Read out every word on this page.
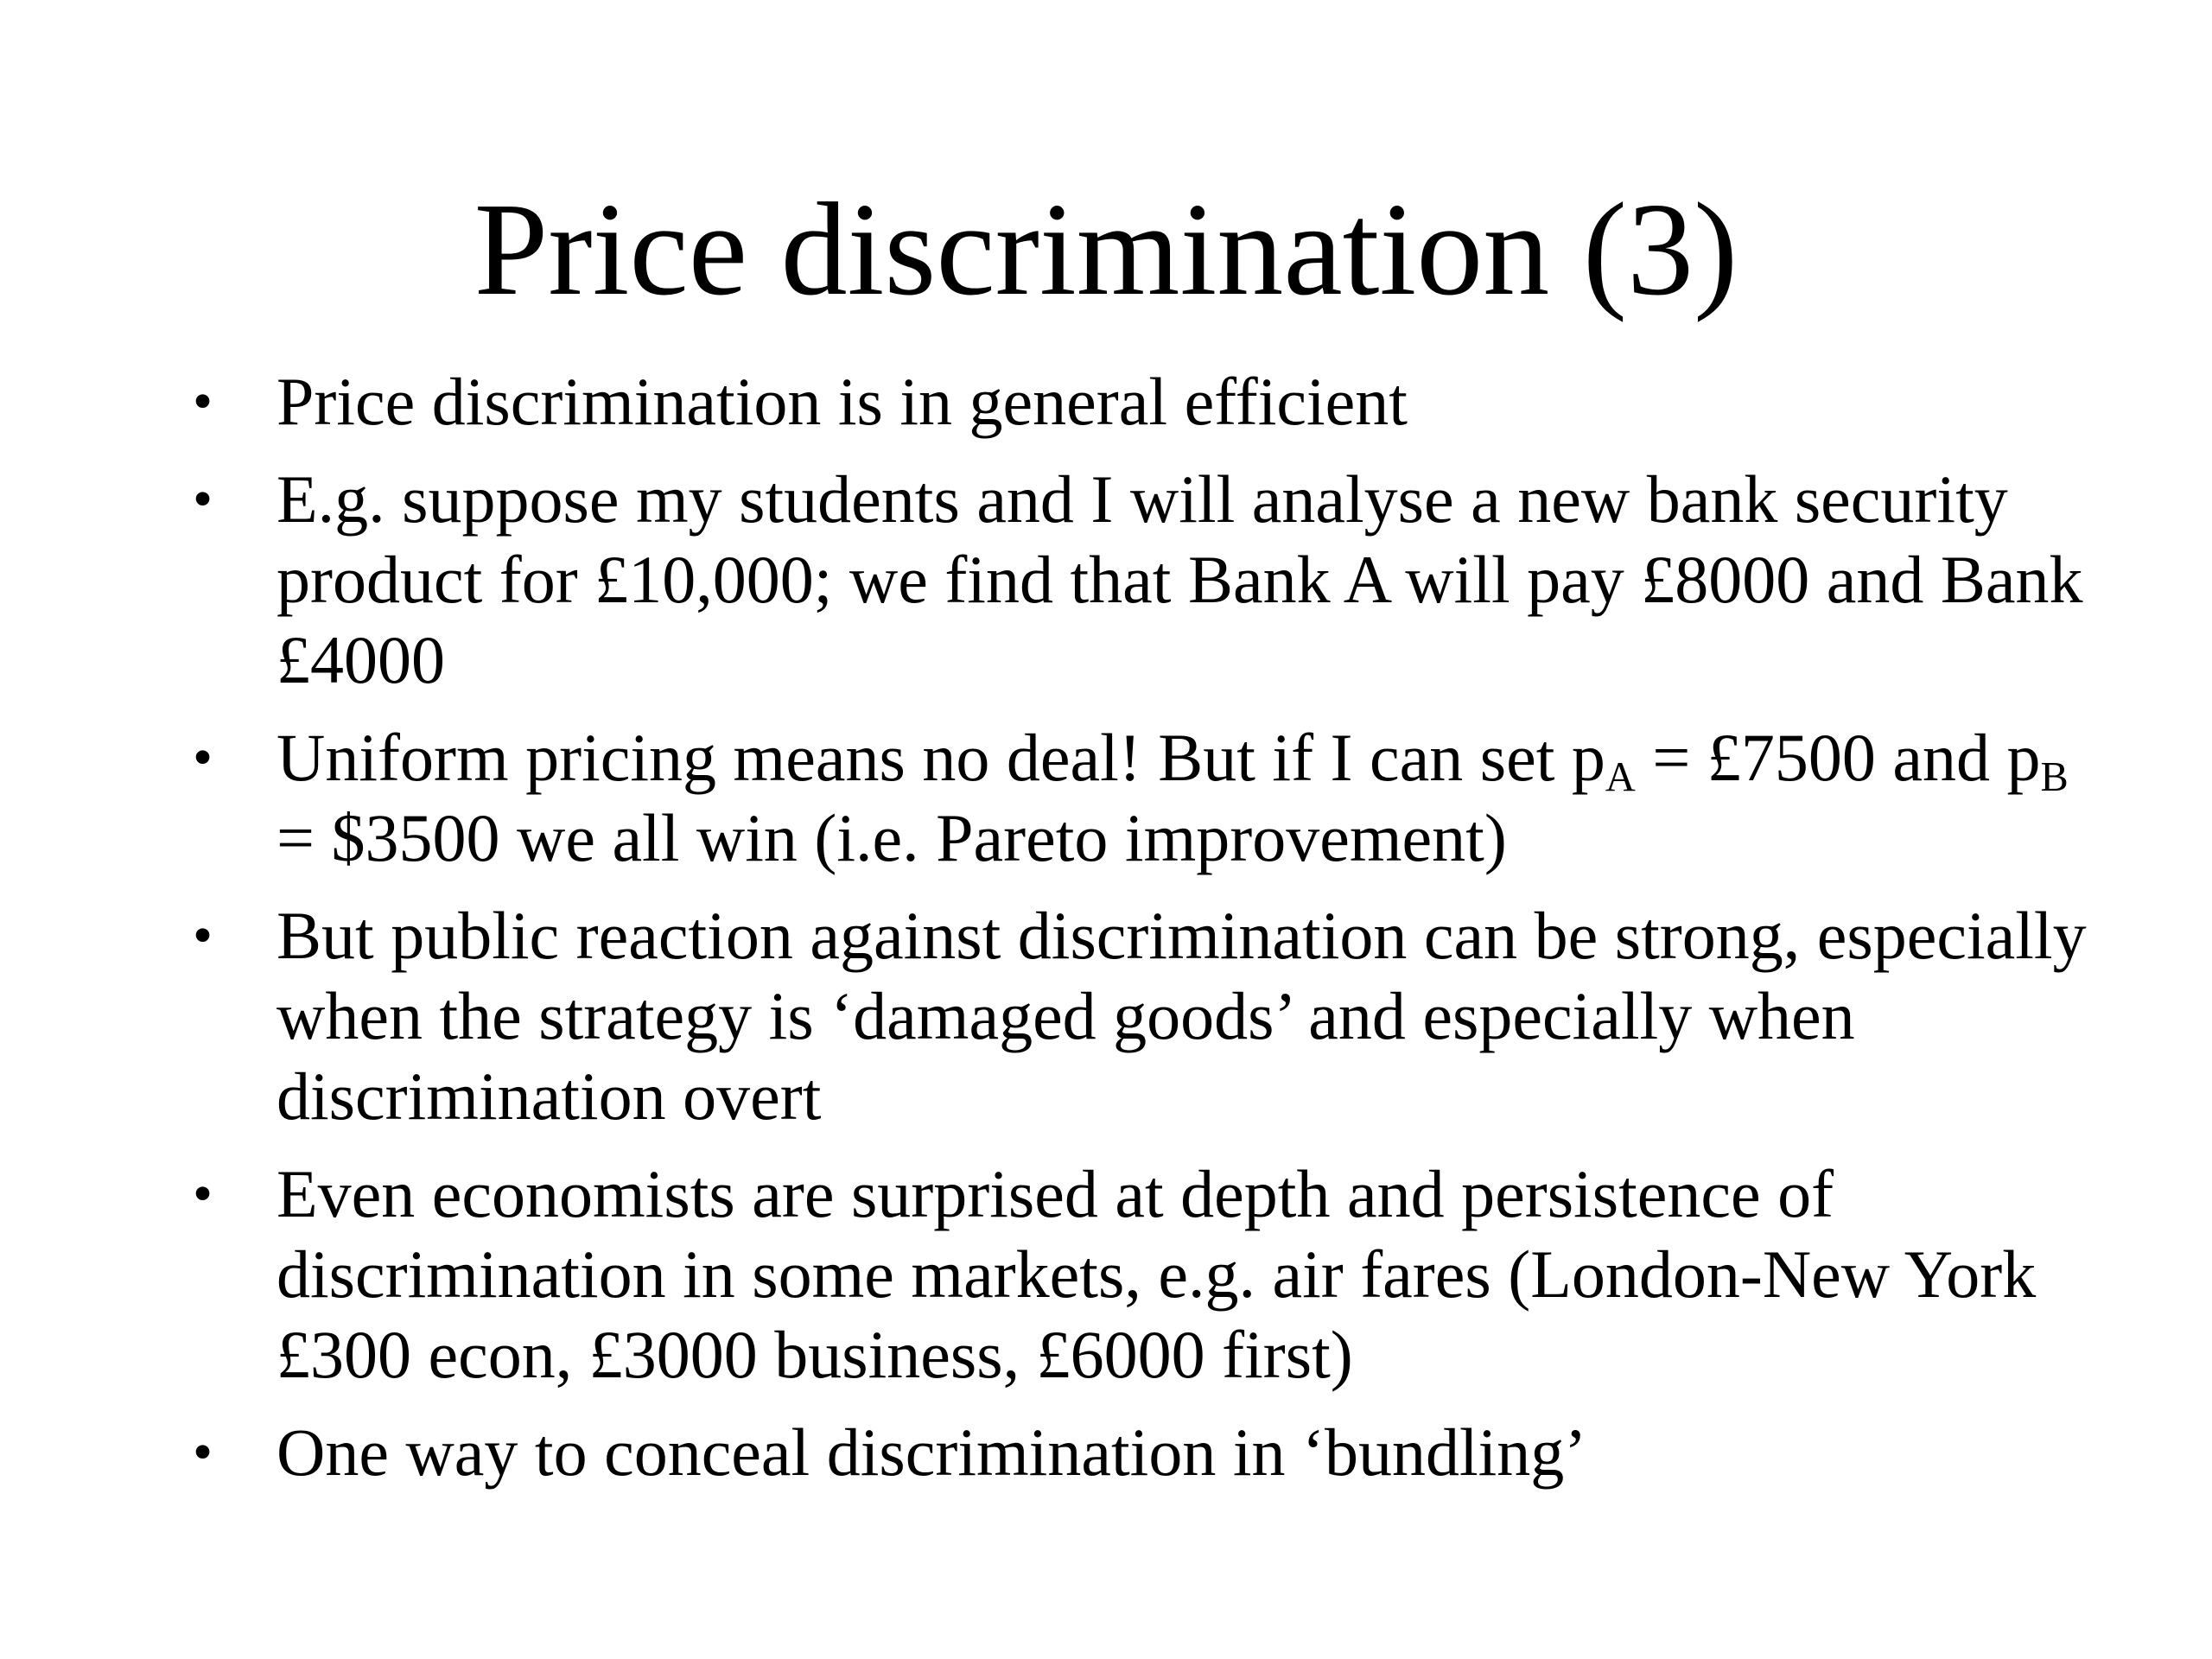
Price discrimination (3)
• Price discrimination is in general efficient
• E.g. suppose my students and I will analyse a new bank security product for £10,000; we find that Bank A will pay £8000 and Bank £4000
• Uniform pricing means no deal! But if I can set $p_A$ = £7500 and $p_B$ = $3500 we all win (i.e. Pareto improvement)
• But public reaction against discrimination can be strong, especially when the strategy is ‘damaged goods’ and especially when discrimination overt
• Even economists are surprised at depth and persistence of discrimination in some markets, e.g. air fares (London-New York £300 econ, £3000 business, £6000 first)
• One way to conceal discrimination in ‘bundling’
